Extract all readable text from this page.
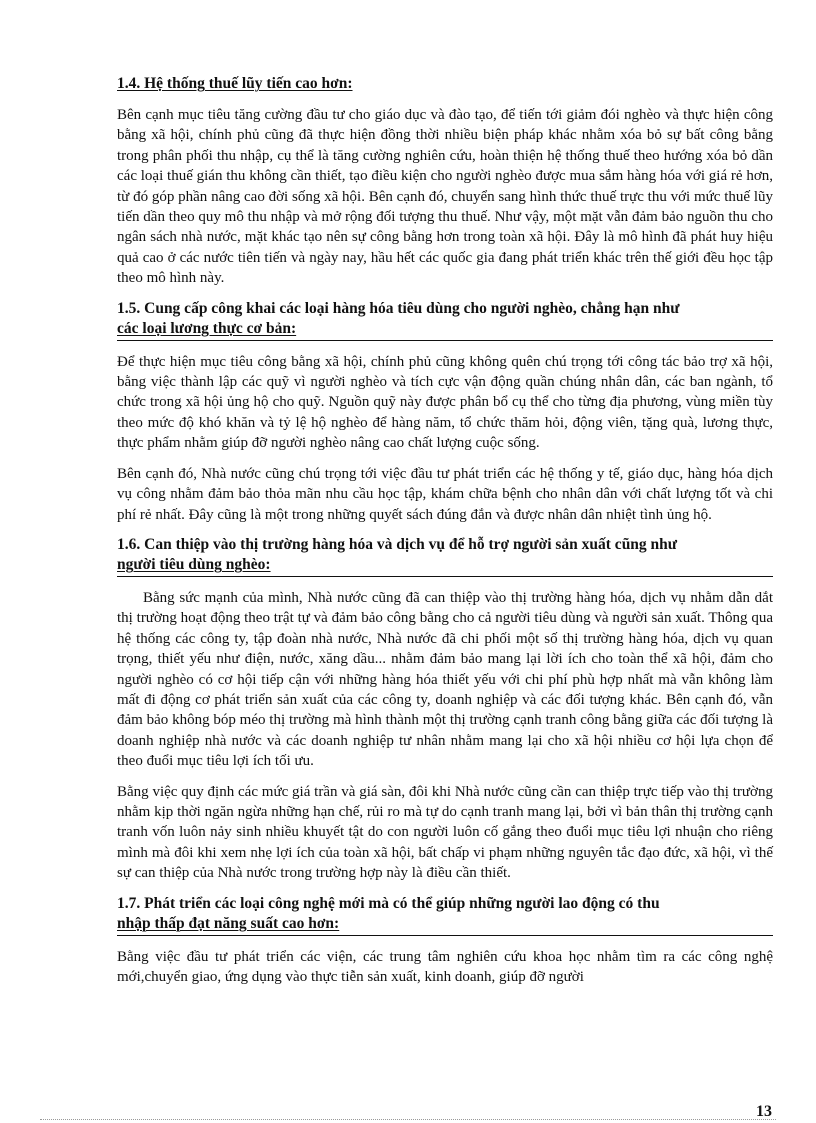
1.4. Hệ thống thuế lũy tiến cao hơn:

Bên cạnh mục tiêu tăng cường đầu tư cho giáo dục và đào tạo, để tiến tới giảm đói nghèo và thực hiện công bằng xã hội, chính phủ cũng đã thực hiện đồng thời nhiều biện pháp khác nhằm xóa bỏ sự bất công bằng trong phân phối thu nhập, cụ thể là tăng cường nghiên cứu, hoàn thiện hệ thống thuế theo hướng xóa bỏ dần các loại thuế gián thu không cần thiết, tạo điều kiện cho người nghèo được mua sắm hàng hóa với giá rẻ hơn, từ đó góp phần nâng cao đời sống xã hội. Bên cạnh đó, chuyển sang hình thức thuế trực thu với mức thuế lũy tiến dần theo quy mô thu nhập và mở rộng đối tượng thu thuế. Như vậy, một mặt vẫn đảm bảo nguồn thu cho ngân sách nhà nước, mặt khác tạo nên sự công bằng hơn trong toàn xã hội. Đây là mô hình đã phát huy hiệu quả cao ở các nước tiên tiến và ngày nay, hầu hết các quốc gia đang phát triển khác trên thế giới đều học tập theo mô hình này.

1.5. Cung cấp công khai các loại hàng hóa tiêu dùng cho người nghèo, chẳng hạn như
các loại lương thực cơ bản:

Để thực hiện mục tiêu công bằng xã hội, chính phủ cũng không quên chú trọng tới công tác bảo trợ xã hội, bằng việc thành lập các quỹ vì người nghèo và tích cực vận động quần chúng nhân dân, các ban ngành, tổ chức trong xã hội ủng hộ cho quỹ. Nguồn quỹ này được phân bổ cụ thể cho từng địa phương, vùng miền tùy theo mức độ khó khăn và tỷ lệ hộ nghèo để hàng năm, tổ chức thăm hỏi, động viên, tặng quà, lương thực, thực phẩm nhằm giúp đỡ người nghèo nâng cao chất lượng cuộc sống.

Bên cạnh đó, Nhà nước cũng chú trọng tới việc đầu tư phát triển các hệ thống y tế, giáo dục, hàng hóa dịch vụ công nhằm đảm bảo thỏa mãn nhu cầu học tập, khám chữa bệnh cho nhân dân với chất lượng tốt và chi phí rẻ nhất. Đây cũng là một trong những quyết sách đúng đắn và được nhân dân nhiệt tình ủng hộ.

1.6. Can thiệp vào thị trường hàng hóa và dịch vụ để hỗ trợ người sản xuất cũng như
người tiêu dùng nghèo:

Bằng sức mạnh của mình, Nhà nước cũng đã can thiệp vào thị trường hàng hóa, dịch vụ nhằm dẫn dắt thị trường hoạt động theo trật tự và đảm bảo công bằng cho cả người tiêu dùng và người sản xuất. Thông qua hệ thống các công ty, tập đoàn nhà nước, Nhà nước đã chi phối một số thị trường hàng hóa, dịch vụ quan trọng, thiết yếu như điện, nước, xăng dầu... nhằm đảm bảo mang lại lời ích cho toàn thể xã hội, đảm cho người nghèo có cơ hội tiếp cận với những hàng hóa thiết yếu với chi phí phù hợp nhất mà vẫn không làm mất đi động cơ phát triển sản xuất của các công ty, doanh nghiệp và các đối tượng khác. Bên cạnh đó, vẫn đảm bảo không bóp méo thị trường mà hình thành một thị trường cạnh tranh công bằng giữa các đối tượng là doanh nghiệp nhà nước và các doanh nghiệp tư nhân nhằm mang lại cho xã hội nhiều cơ hội lựa chọn để theo đuổi mục tiêu lợi ích tối ưu.

Bằng việc quy định các mức giá trần và giá sàn, đôi khi Nhà nước cũng cần can thiệp trực tiếp vào thị trường nhằm kịp thời ngăn ngừa những hạn chế, rủi ro mà tự do cạnh tranh mang lại, bởi vì bản thân thị trường cạnh tranh vốn luôn nảy sinh nhiều khuyết tật do con người luôn cố gắng theo đuổi mục tiêu lợi nhuận cho riêng mình mà đôi khi xem nhẹ lợi ích của toàn xã hội, bất chấp vi phạm những nguyên tắc đạo đức, xã hội, vì thế sự can thiệp của Nhà nước trong trường hợp này là điều cần thiết.

1.7. Phát triển các loại công nghệ mới mà có thể giúp những người lao động có thu
nhập thấp đạt năng suất cao hơn:

Bằng việc đầu tư phát triển các viện, các trung tâm nghiên cứu khoa học nhằm tìm ra các công nghệ mới,chuyển giao, ứng dụng vào thực tiễn sản xuất, kinh doanh, giúp đỡ người

13
